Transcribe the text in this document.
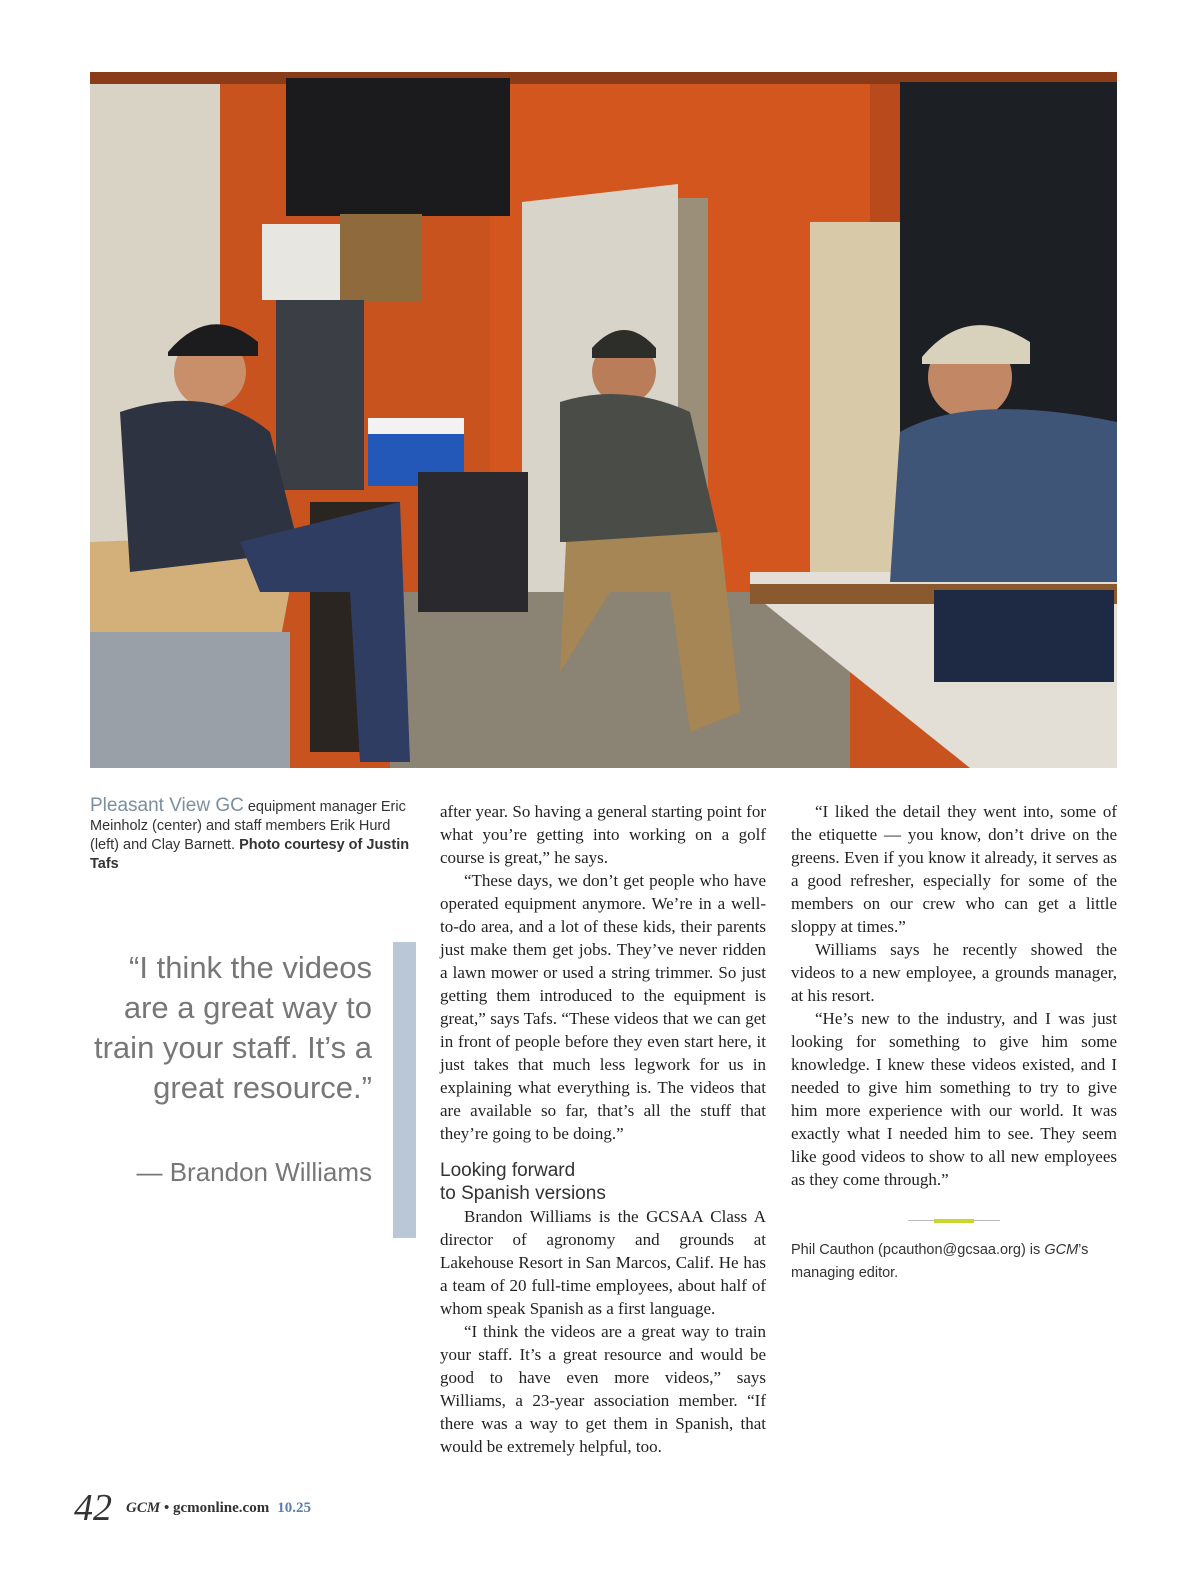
Pleasant View GC equipment manager Eric Meinholz (center) and staff members Erik Hurd (left) and Clay Barnett. Photo courtesy of Justin Tafs
“I think the videos are a great way to train your staff. It’s a great resource.”
— Brandon Williams

after year. So having a general starting point for what you’re getting into working on a golf course is great,” he says.

“These days, we don’t get people who have operated equipment anymore. We’re in a well-to-do area, and a lot of these kids, their parents just make them get jobs. They’ve never ridden a lawn mower or used a string trimmer. So just getting them introduced to the equipment is great,” says Tafs. “These videos that we can get in front of people before they even start here, it just takes that much less legwork for us in explaining what everything is. The videos that are available so far, that’s all the stuff that they’re going to be doing.”

Looking forward
to Spanish versions

Brandon Williams is the GCSAA Class A director of agronomy and grounds at Lakehouse Resort in San Marcos, Calif. He has a team of 20 full-time employees, about half of whom speak Spanish as a first language.

“I think the videos are a great way to train your staff. It’s a great resource and would be good to have even more videos,” says Williams, a 23-year association member. “If there was a way to get them in Spanish, that would be extremely helpful, too.

“I liked the detail they went into, some of the etiquette — you know, don’t drive on the greens. Even if you know it already, it serves as a good refresher, especially for some of the members on our crew who can get a little sloppy at times.”

Williams says he recently showed the videos to a new employee, a grounds manager, at his resort.

“He’s new to the industry, and I was just looking for something to give him some knowledge. I knew these videos existed, and I needed to give him something to try to give him more experience with our world. It was exactly what I needed him to see. They seem like good videos to show to all new employees as they come through.”

Phil Cauthon (pcauthon@gcsaa.org) is GCM’s managing editor.
42 GCM • gcmonline.com 10.25
